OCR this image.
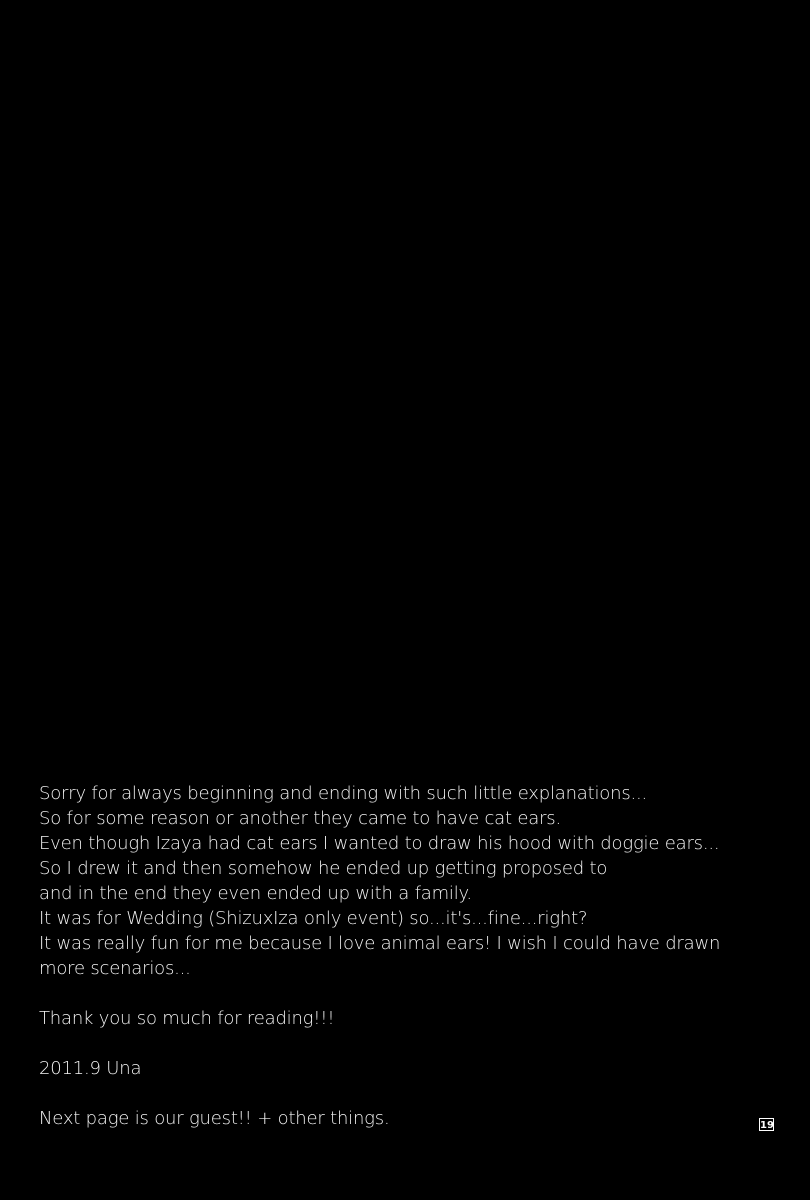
Sorry for always beginning and ending with such little explanations...
So for some reason or another they came to have cat ears.
Even though Izaya had cat ears I wanted to draw his hood with doggie ears...
So I drew it and then somehow he ended up getting proposed to
and in the end they even ended up with a family.
It was for Wedding (ShizuxIza only event) so...it's...fine...right?
It was really fun for me because I love animal ears! I wish I could have drawn
more scenarios...
Thank you so much for reading!!!
2011.9 Una
Next page is our guest!! + other things.	19
